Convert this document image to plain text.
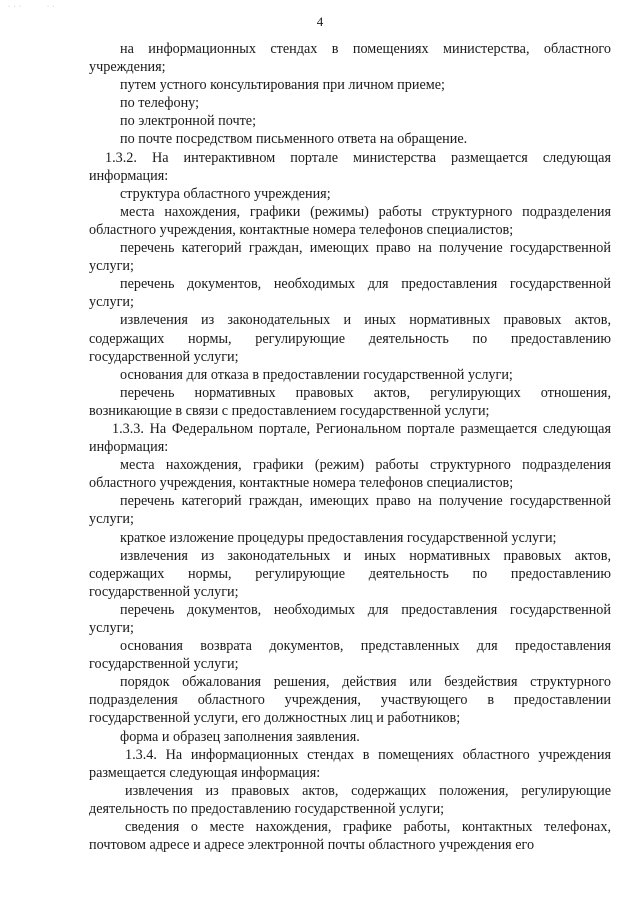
· · ·          · ·
4

на информационных стендах в помещениях министерства, областного учреждения;

путем устного консультирования при личном приеме;

по телефону;

по электронной почте;

по почте посредством письменного ответа на обращение.

1.3.2. На интерактивном портале министерства размещается следующая информация:

структура областного учреждения;

места нахождения, графики (режимы) работы структурного подразделения областного учреждения, контактные номера телефонов специалистов;

перечень категорий граждан, имеющих право на получение государственной услуги;

перечень документов, необходимых для предоставления государственной услуги;

извлечения из законодательных и иных нормативных правовых актов, содержащих нормы, регулирующие деятельность по предоставлению государственной услуги;

основания для отказа в предоставлении государственной услуги;

перечень нормативных правовых актов, регулирующих отношения, возникающие в связи с предоставлением государственной услуги;

1.3.3. На Федеральном портале, Региональном портале размещается следующая информация:

места нахождения, графики (режим) работы структурного подразделения областного учреждения, контактные номера телефонов специалистов;

перечень категорий граждан, имеющих право на получение государственной услуги;

краткое изложение процедуры предоставления государственной услуги;

извлечения из законодательных и иных нормативных правовых актов, содержащих нормы, регулирующие деятельность по предоставлению государственной услуги;

перечень документов, необходимых для предоставления государственной услуги;

основания возврата документов, представленных для предоставления государственной услуги;

порядок обжалования решения, действия или бездействия структурного подразделения областного учреждения, участвующего в предоставлении государственной услуги, его должностных лиц и работников;

форма и образец заполнения заявления.

1.3.4. На информационных стендах в помещениях областного учреждения размещается следующая информация:

извлечения из правовых актов, содержащих положения, регулирующие деятельность по предоставлению государственной услуги;

сведения о месте нахождения, графике работы, контактных телефонах, почтовом адресе и адресе электронной почты областного учреждения его
